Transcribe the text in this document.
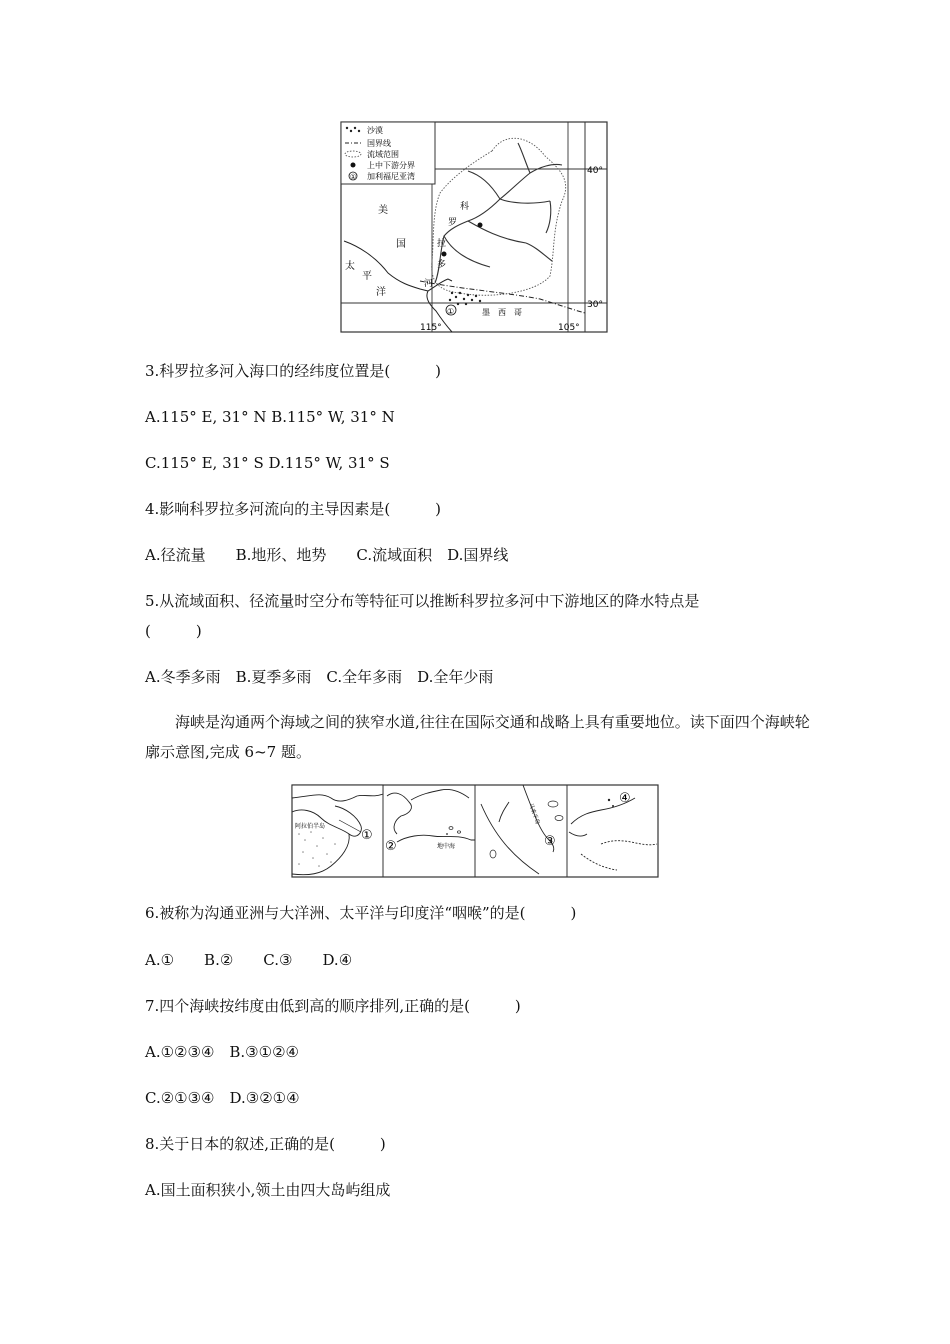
沙漠
国界线
流域范围
上中下游分界
① 加利福尼亚湾
美
国
太
平
洋
科
罗
拉
多
河
①	墨　西　哥
40°
30°
115°	105°
3.科罗拉多河入海口的经纬度位置是(　　　)
A.115° E, 31° N B.115° W, 31° N
C.115° E, 31° S D.115° W, 31° S
4.影响科罗拉多河流向的主导因素是(　　　)
A.径流量　　B.地形、地势　　C.流域面积　D.国界线
5.从流域面积、径流量时空分布等特征可以推断科罗拉多河中下游地区的降水特点是
(　　　)
A.冬季多雨　B.夏季多雨　C.全年多雨　D.全年少雨
海峡是沟通两个海域之间的狭窄水道,往往在国际交通和战略上具有重要地位。读下面四个海峡轮廓示意图,完成 6~7 题。
阿拉伯半岛
①
②	地中海
马来半岛
③
④
6.被称为沟通亚洲与大洋洲、太平洋与印度洋“咽喉”的是(　　　)
A.①　　B.②　　C.③　　D.④
7.四个海峡按纬度由低到高的顺序排列,正确的是(　　　)
A.①②③④　B.③①②④
C.②①③④　D.③②①④
8.关于日本的叙述,正确的是(　　　)
A.国土面积狭小,领土由四大岛屿组成
